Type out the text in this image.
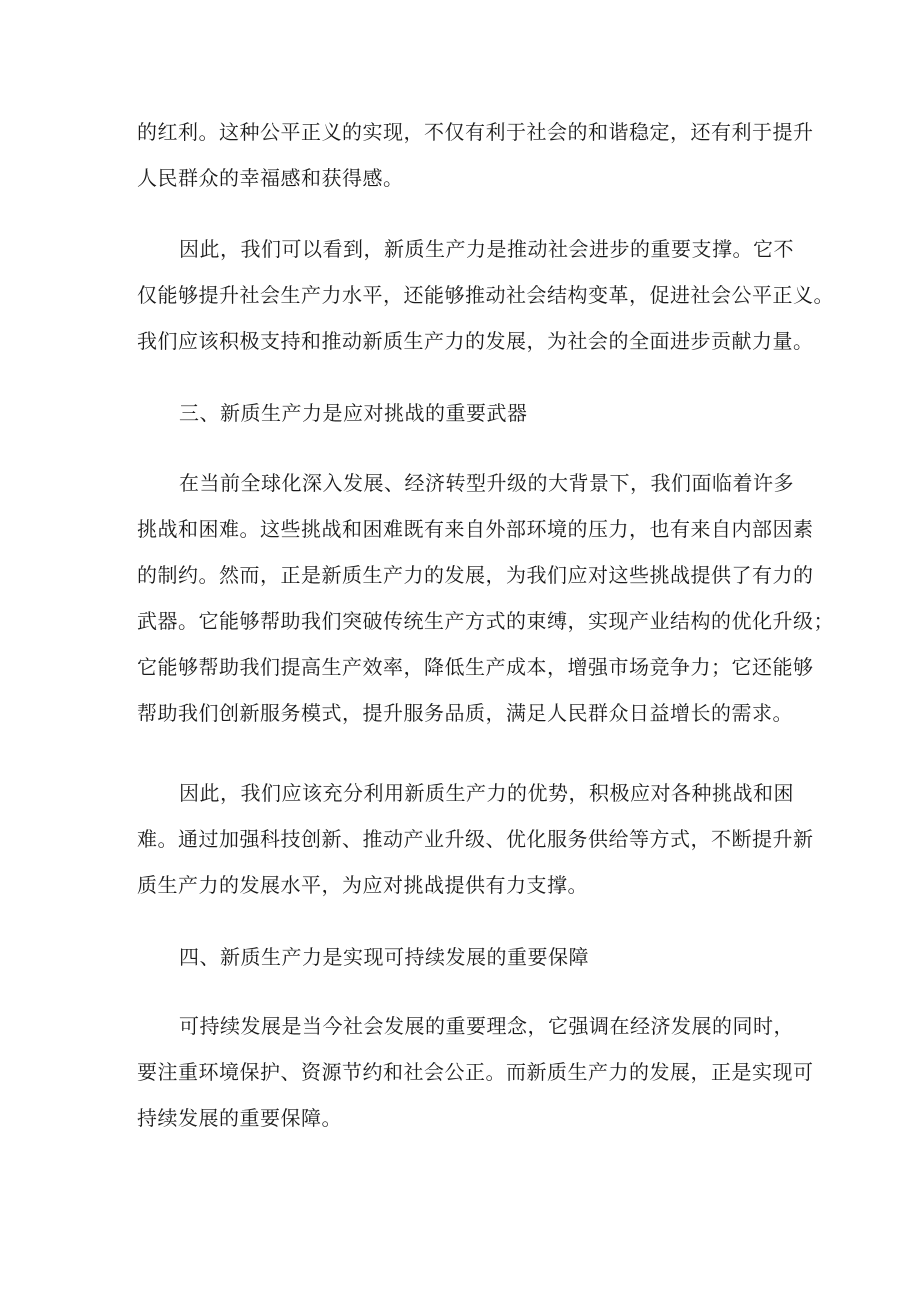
的红利。这种公平正义的实现，不仅有利于社会的和谐稳定，还有利于提升
人民群众的幸福感和获得感。
因此，我们可以看到，新质生产力是推动社会进步的重要支撑。它不
仅能够提升社会生产力水平，还能够推动社会结构变革，促进社会公平正义。
我们应该积极支持和推动新质生产力的发展，为社会的全面进步贡献力量。
三、新质生产力是应对挑战的重要武器
在当前全球化深入发展、经济转型升级的大背景下，我们面临着许多
挑战和困难。这些挑战和困难既有来自外部环境的压力，也有来自内部因素
的制约。然而，正是新质生产力的发展，为我们应对这些挑战提供了有力的
武器。它能够帮助我们突破传统生产方式的束缚，实现产业结构的优化升级；
它能够帮助我们提高生产效率，降低生产成本，增强市场竞争力；它还能够
帮助我们创新服务模式，提升服务品质，满足人民群众日益增长的需求。
因此，我们应该充分利用新质生产力的优势，积极应对各种挑战和困
难。通过加强科技创新、推动产业升级、优化服务供给等方式，不断提升新
质生产力的发展水平，为应对挑战提供有力支撑。
四、新质生产力是实现可持续发展的重要保障
可持续发展是当今社会发展的重要理念，它强调在经济发展的同时，
要注重环境保护、资源节约和社会公正。而新质生产力的发展，正是实现可
持续发展的重要保障。
